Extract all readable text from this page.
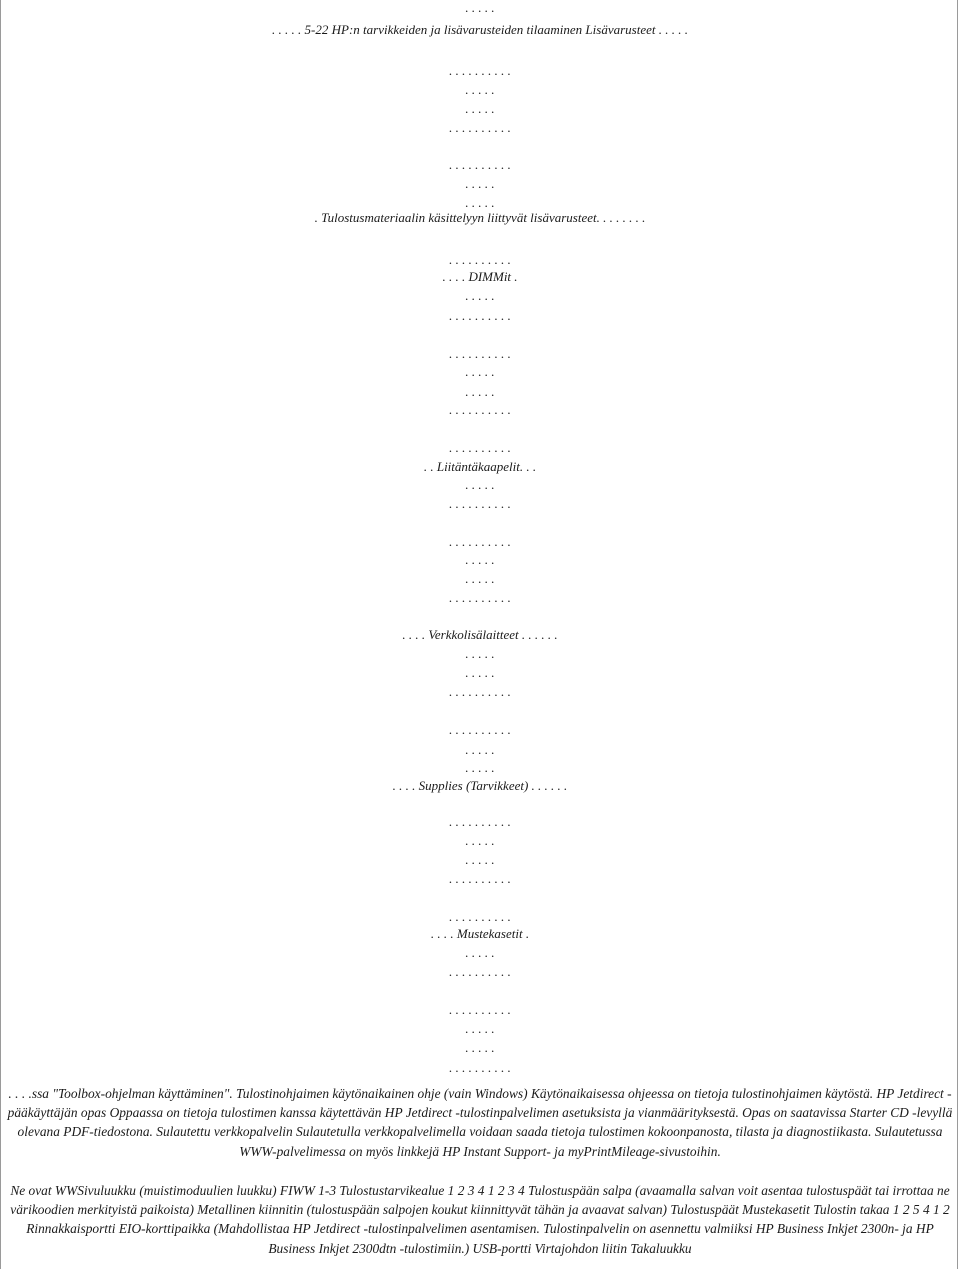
. . . . .
. . . . . 5-22 HP:n tarvikkeiden ja lisävarusteiden tilaaminen Lisävarusteet . . . . .
. . . . . . . . . .
. . . . .
. . . . .
. . . . . . . . . .
. . . . . . . . . .
. . . . .
. . . . .
. Tulostusmateriaalin käsittelyyn liittyvät lisävarusteet. . . . . . . .
. . . . . . . . . .
. . . . DIMMit .
. . . . .
. . . . . . . . . .
. . . . . . . . . .
. . . . .
. . . . .
. . . . . . . . . .
. . . . . . . . . .
. . Liitäntäkaapelit. . .
. . . . .
. . . . . . . . . .
. . . . . . . . . .
. . . . .
. . . . .
. . . . . . . . . .
. . . . Verkkolisälaitteet . . . . . .
. . . . .
. . . . .
. . . . . . . . . .
. . . . . . . . . .
. . . . .
. . . . .
. . . . Supplies (Tarvikkeet) . . . . . .
. . . . . . . . . .
. . . . .
. . . . .
. . . . . . . . . .
. . . . . . . . . .
. . . . Mustekasetit .
. . . . .
. . . . . . . . . .
. . . . . . . . . .
. . . . .
. . . . .
. . . . . . . . . .

. . . .ssa "Toolbox-ohjelman käyttäminen". Tulostinohjaimen käytönaikainen ohje (vain Windows) Käytönaikaisessa ohjeessa on tietoja tulostinohjaimen käytöstä. HP Jetdirect -pääkäyttäjän opas Oppaassa on tietoja tulostimen kanssa käytettävän HP Jetdirect -tulostinpalvelimen asetuksista ja vianmäärityksestä. Opas on saatavissa Starter CD -levyllä olevana PDF-tiedostona. Sulautettu verkkopalvelin Sulautetulla verkkopalvelimella voidaan saada tietoja tulostimen kokoonpanosta, tilasta ja diagnostiikasta. Sulautetussa WWW-palvelimessa on myös linkkejä HP Instant Support- ja myPrintMileage-sivustoihin.

Ne ovat WWSivuluukku (muistimoduulien luukku) FIWW 1-3 Tulostustarvikealue 1 2 3 4 1 2 3 4 Tulostuspään salpa (avaamalla salvan voit asentaa tulostuspäät tai irrottaa ne värikoodien merkityistä paikoista) Metallinen kiinnitin (tulostuspään salpojen koukut kiinnittyvät tähän ja avaavat salvan) Tulostuspäät Mustekasetit Tulostin takaa 1 2 5 4 1 2 Rinnakkaisportti EIO-korttipaikka (Mahdollistaa HP Jetdirect -tulostinpalvelimen asentamisen. Tulostinpalvelin on asennettu valmiiksi HP Business Inkjet 2300n- ja HP Business Inkjet 2300dtn -tulostimiin.) USB-portti Virtajohdon liitin Takaluukku
